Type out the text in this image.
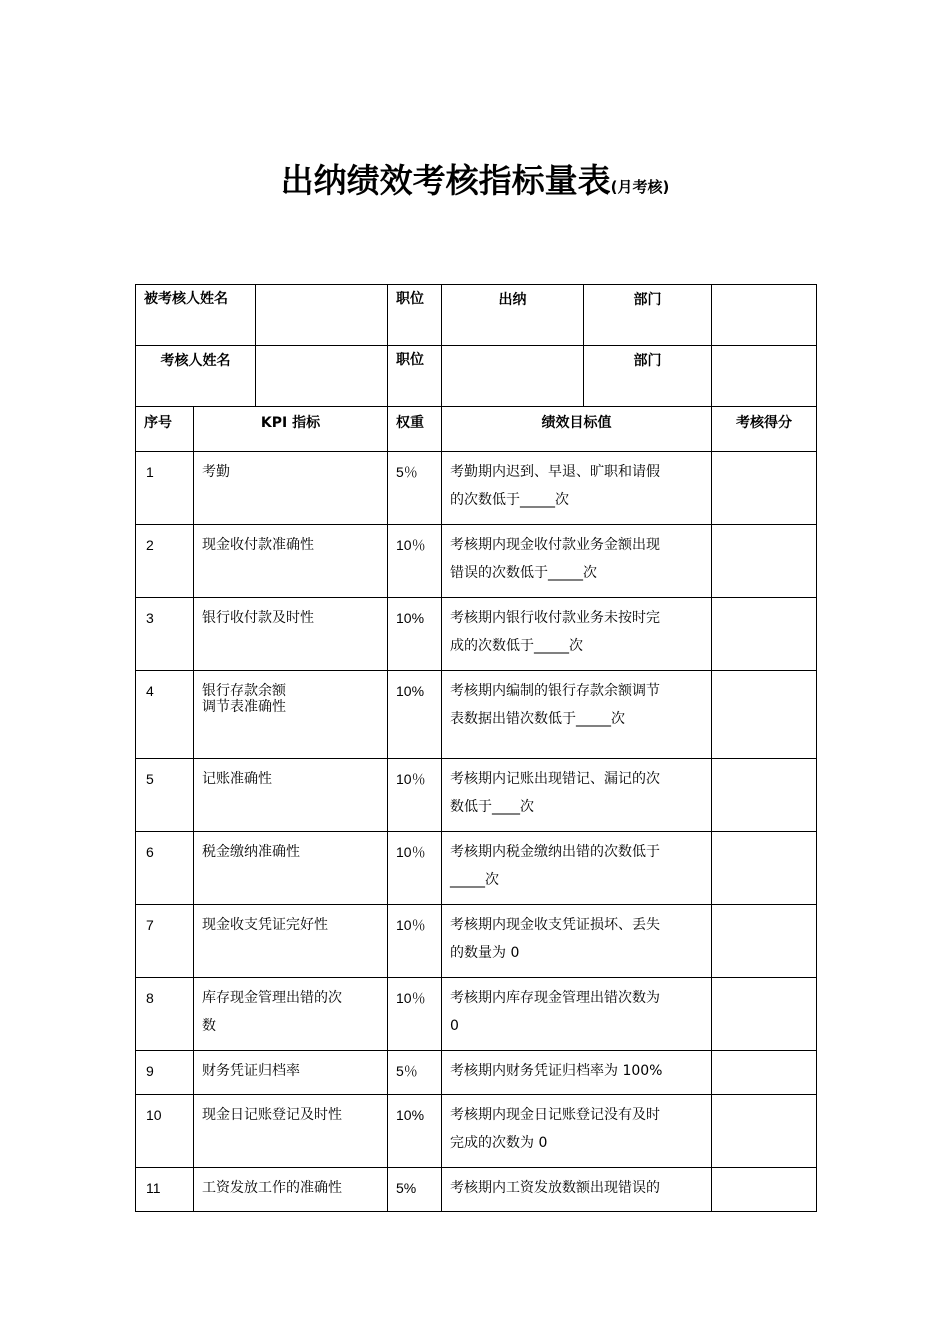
出纳绩效考核指标量表(月考核)
被考核人姓名			职位	出纳	部门	
考核人姓名			职位		部门	
序号	KPI 指标		权重	绩效目标值		考核得分
1	考勤		5％	考勤期内迟到、早退、旷职和请假
的次数低于_____次		

2	现金收付款准确性		10％	考核期内现金收付款业务金额出现
错误的次数低于_____次		

3	银行收付款及时性		10%	考核期内银行收付款业务未按时完
成的次数低于_____次		

4	银行存款余额
调节表准确性		10%	考核期内编制的银行存款余额调节
表数据出错次数低于_____次		

5	记账准确性		10％	考核期内记账出现错记、漏记的次
数低于____次		

6	税金缴纳准确性		10％	考核期内税金缴纳出错的次数低于
_____次		

7	现金收支凭证完好性		10％	考核期内现金收支凭证损坏、丢失
的数量为 0		

8	库存现金管理出错的次
数		10％	考核期内库存现金管理出错次数为
0		

9	财务凭证归档率		5％	考核期内财务凭证归档率为 100%		

10	现金日记账登记及时性		10%	考核期内现金日记账登记没有及时
完成的次数为 0		

11	工资发放工作的准确性		5%	考核期内工资发放数额出现错误的		
